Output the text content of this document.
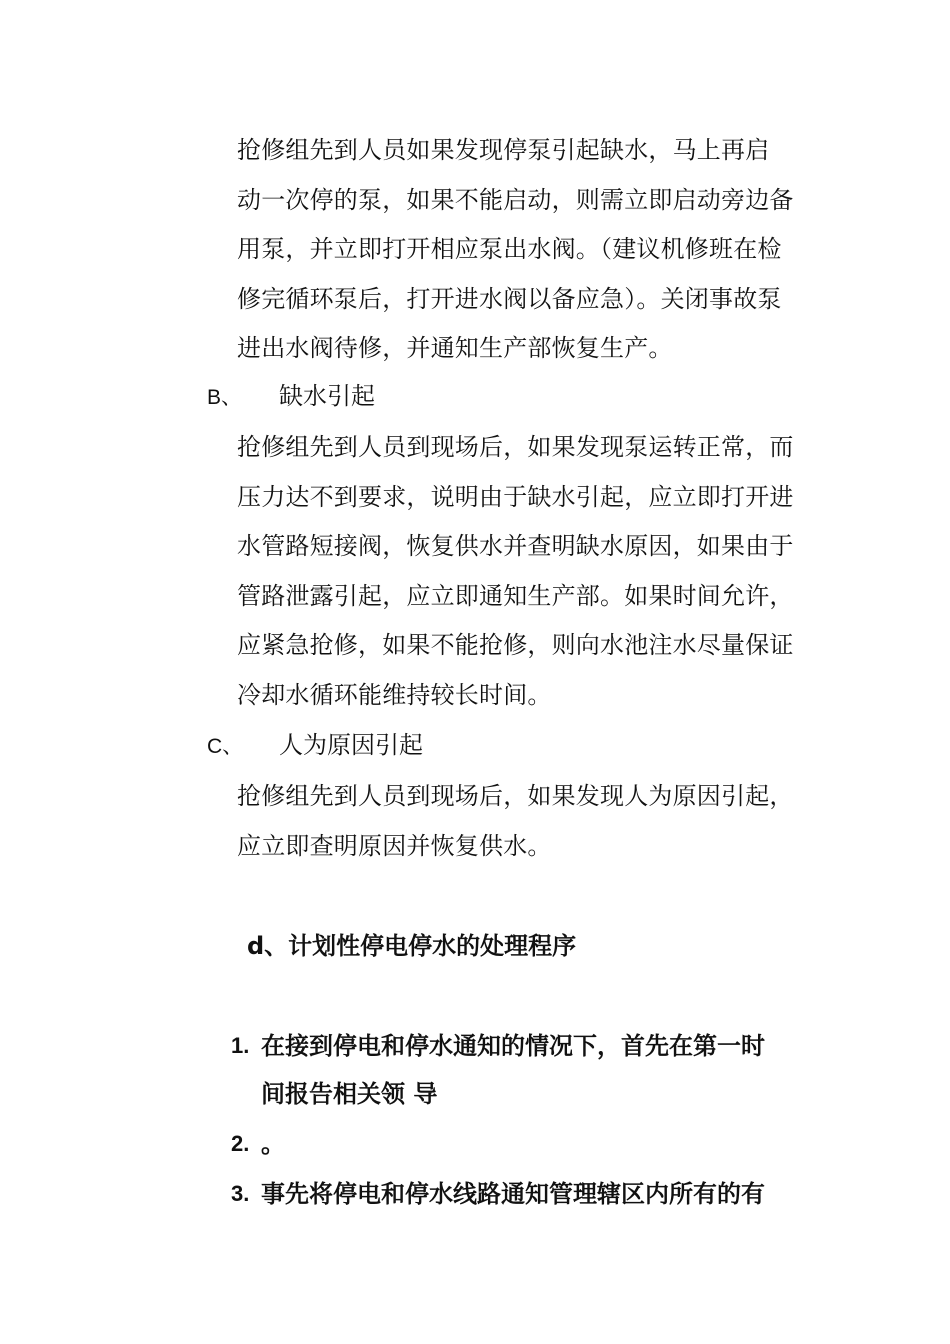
抢修组先到人员如果发现停泵引起缺水，马上再启
动一次停的泵，如果不能启动，则需立即启动旁边备
用泵，并立即打开相应泵出水阀。（建议机修班在检
修完循环泵后，打开进水阀以备应急）。关闭事故泵
进出水阀待修，并通知生产部恢复生产。
B、 缺水引起
抢修组先到人员到现场后，如果发现泵运转正常，而
压力达不到要求，说明由于缺水引起，应立即打开进
水管路短接阀，恢复供水并查明缺水原因，如果由于
管路泄露引起，应立即通知生产部。如果时间允许，
应紧急抢修，如果不能抢修，则向水池注水尽量保证
冷却水循环能维持较长时间。
C、 人为原因引起
抢修组先到人员到现场后，如果发现人为原因引起，
应立即查明原因并恢复供水。
d、计划性停电停水的处理程序
1. 在接到停电和停水通知的情况下，首先在第一时
间报告相关领 导
2. 。
3. 事先将停电和停水线路通知管理辖区内所有的有
